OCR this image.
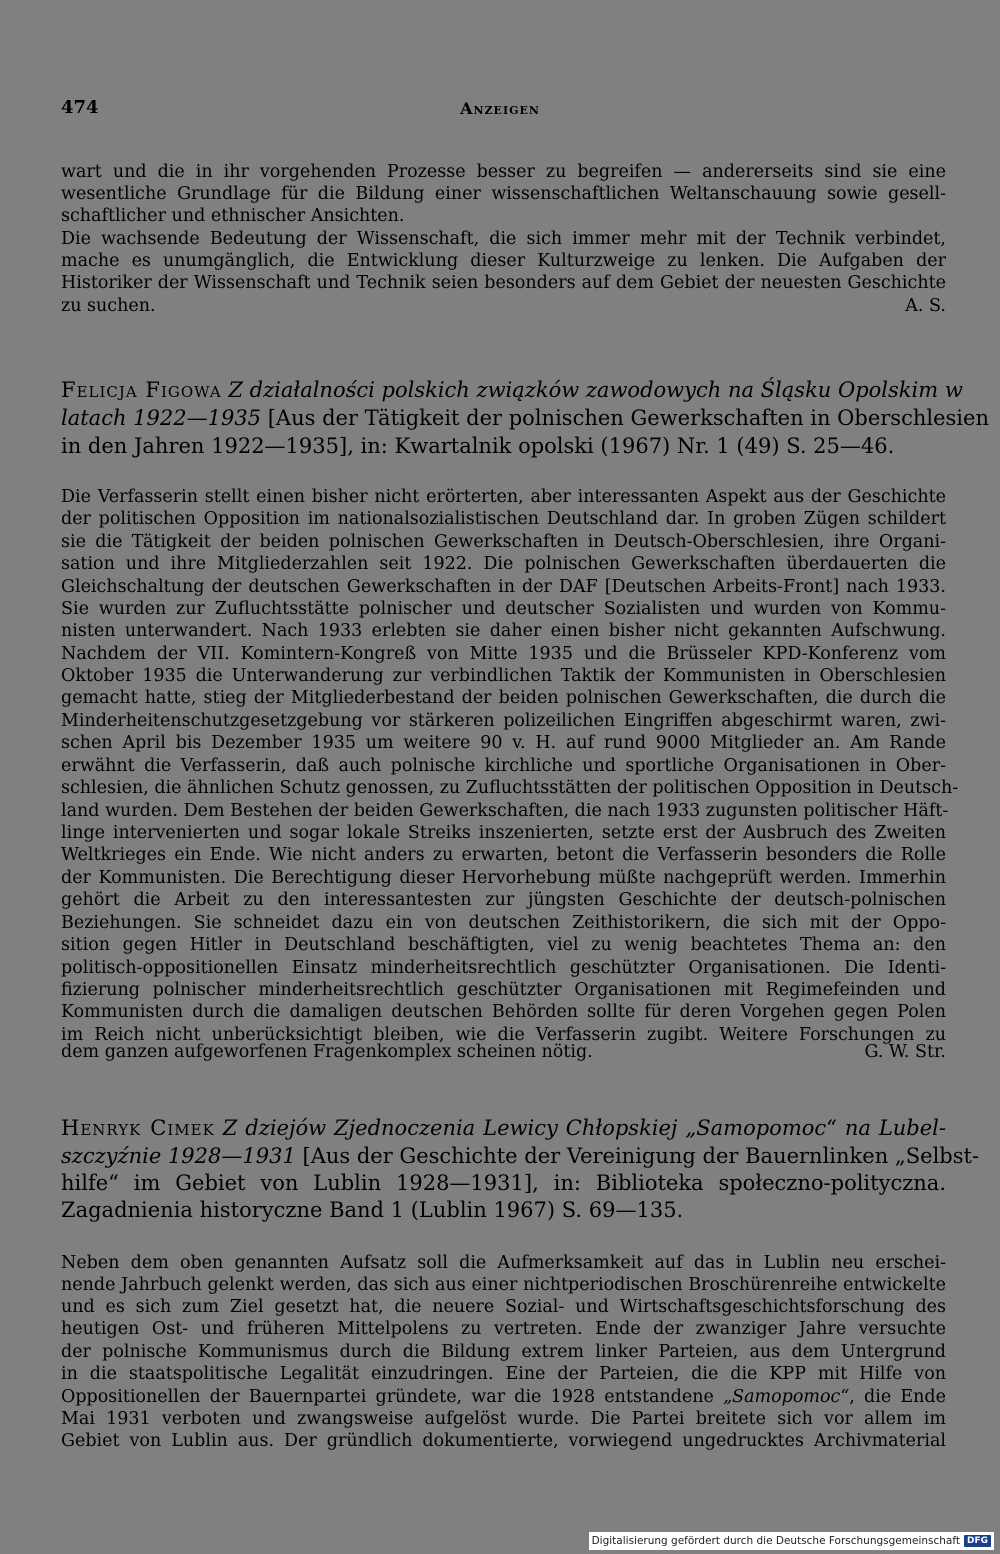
474	Anzeigen
wart und die in ihr vorgehenden Prozesse besser zu begreifen — andererseits sind sie eine
wesentliche Grundlage für die Bildung einer wissenschaftlichen Weltanschauung sowie gesell-
schaftlicher und ethnischer Ansichten.
Die wachsende Bedeutung der Wissenschaft, die sich immer mehr mit der Technik verbindet,
mache es unumgänglich, die Entwicklung dieser Kulturzweige zu lenken. Die Aufgaben der
Historiker der Wissenschaft und Technik seien besonders auf dem Gebiet der neuesten Geschichte
zu suchen.	A. S.
Felicja Figowa Z działalności polskich związków zawodowych na Śląsku Opolskim w
latach 1922—1935 [Aus der Tätigkeit der polnischen Gewerkschaften in Oberschlesien
in den Jahren 1922—1935], in: Kwartalnik opolski (1967) Nr. 1 (49) S. 25—46.
Die Verfasserin stellt einen bisher nicht erörterten, aber interessanten Aspekt aus der Geschichte
der politischen Opposition im nationalsozialistischen Deutschland dar. In groben Zügen schildert
sie die Tätigkeit der beiden polnischen Gewerkschaften in Deutsch-Oberschlesien, ihre Organi-
sation und ihre Mitgliederzahlen seit 1922. Die polnischen Gewerkschaften überdauerten die
Gleichschaltung der deutschen Gewerkschaften in der DAF [Deutschen Arbeits-Front] nach 1933.
Sie wurden zur Zufluchtsstätte polnischer und deutscher Sozialisten und wurden von Kommu-
nisten unterwandert. Nach 1933 erlebten sie daher einen bisher nicht gekannten Aufschwung.
Nachdem der VII. Komintern-Kongreß von Mitte 1935 und die Brüsseler KPD-Konferenz vom
Oktober 1935 die Unterwanderung zur verbindlichen Taktik der Kommunisten in Oberschlesien
gemacht hatte, stieg der Mitgliederbestand der beiden polnischen Gewerkschaften, die durch die
Minderheitenschutzgesetzgebung vor stärkeren polizeilichen Eingriffen abgeschirmt waren, zwi-
schen April bis Dezember 1935 um weitere 90 v. H. auf rund 9000 Mitglieder an. Am Rande
erwähnt die Verfasserin, daß auch polnische kirchliche und sportliche Organisationen in Ober-
schlesien, die ähnlichen Schutz genossen, zu Zufluchtsstätten der politischen Opposition in Deutsch-
land wurden. Dem Bestehen der beiden Gewerkschaften, die nach 1933 zugunsten politischer Häft-
linge intervenierten und sogar lokale Streiks inszenierten, setzte erst der Ausbruch des Zweiten
Weltkrieges ein Ende. Wie nicht anders zu erwarten, betont die Verfasserin besonders die Rolle
der Kommunisten. Die Berechtigung dieser Hervorhebung müßte nachgeprüft werden. Immerhin
gehört die Arbeit zu den interessantesten zur jüngsten Geschichte der deutsch-polnischen
Beziehungen. Sie schneidet dazu ein von deutschen Zeithistorikern, die sich mit der Oppo-
sition gegen Hitler in Deutschland beschäftigten, viel zu wenig beachtetes Thema an: den
politisch-oppositionellen Einsatz minderheitsrechtlich geschützter Organisationen. Die Identi-
fizierung polnischer minderheitsrechtlich geschützter Organisationen mit Regimefeinden und
Kommunisten durch die damaligen deutschen Behörden sollte für deren Vorgehen gegen Polen
im Reich nicht unberücksichtigt bleiben, wie die Verfasserin zugibt. Weitere Forschungen zu
dem ganzen aufgeworfenen Fragenkomplex scheinen nötig.	G. W. Str.
Henryk Cimek Z dziejów Zjednoczenia Lewicy Chłopskiej „Samopomoc“ na Lubel-
szczyźnie 1928—1931 [Aus der Geschichte der Vereinigung der Bauernlinken „Selbst-
hilfe“ im Gebiet von Lublin 1928—1931], in: Biblioteka społeczno-polityczna.
Zagadnienia historyczne Band 1 (Lublin 1967) S. 69—135.
Neben dem oben genannten Aufsatz soll die Aufmerksamkeit auf das in Lublin neu erschei-
nende Jahrbuch gelenkt werden, das sich aus einer nichtperiodischen Broschürenreihe entwickelte
und es sich zum Ziel gesetzt hat, die neuere Sozial- und Wirtschaftsgeschichtsforschung des
heutigen Ost- und früheren Mittelpolens zu vertreten. Ende der zwanziger Jahre versuchte
der polnische Kommunismus durch die Bildung extrem linker Parteien, aus dem Untergrund
in die staatspolitische Legalität einzudringen. Eine der Parteien, die die KPP mit Hilfe von
Oppositionellen der Bauernpartei gründete, war die 1928 entstandene „Samopomoc“, die Ende
Mai 1931 verboten und zwangsweise aufgelöst wurde. Die Partei breitete sich vor allem im
Gebiet von Lublin aus. Der gründlich dokumentierte, vorwiegend ungedrucktes Archivmaterial
Digitalisierung gefördert durch die Deutsche Forschungsgemeinschaft DFG
